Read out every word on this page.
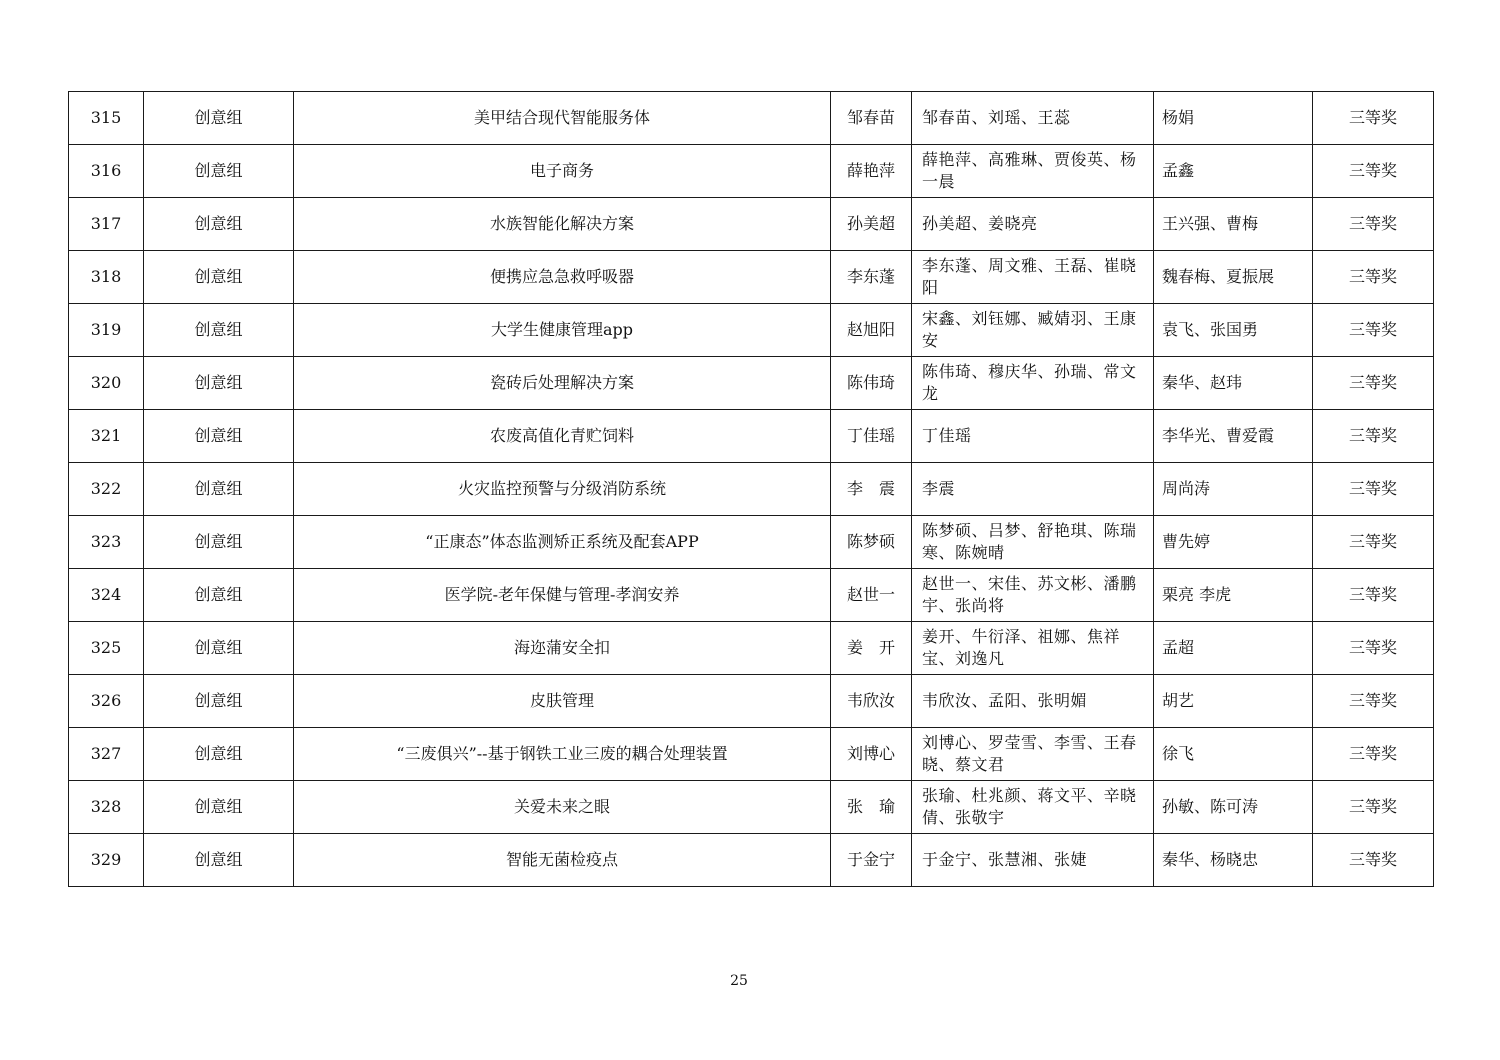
315	创意组	美甲结合现代智能服务体	邹春苗	邹春苗、刘瑶、王蕊	杨娟	三等奖
316	创意组	电子商务	薛艳萍	薛艳萍、高雅琳、贾俊英、杨一晨	孟鑫	三等奖
317	创意组	水族智能化解决方案	孙美超	孙美超、姜晓亮	王兴强、曹梅	三等奖
318	创意组	便携应急急救呼吸器	李东蓬	李东蓬、周文雅、王磊、崔晓阳	魏春梅、夏振展	三等奖
319	创意组	大学生健康管理app	赵旭阳	宋鑫、刘钰娜、臧婧羽、王康安	袁飞、张国勇	三等奖
320	创意组	瓷砖后处理解决方案	陈伟琦	陈伟琦、穆庆华、孙瑞、常文龙	秦华、赵玮	三等奖
321	创意组	农废高值化青贮饲料	丁佳瑶	丁佳瑶	李华光、曹爱霞	三等奖
322	创意组	火灾监控预警与分级消防系统	李　震	李震	周尚涛	三等奖
323	创意组	“正康态”体态监测矫正系统及配套APP	陈梦硕	陈梦硕、吕梦、舒艳琪、陈瑞寒、陈婉晴	曹先婷	三等奖
324	创意组	医学院-老年保健与管理-孝润安养	赵世一	赵世一、宋佳、苏文彬、潘鹏宇、张尚将	栗亮 李虎	三等奖
325	创意组	海迩蒲安全扣	姜　开	姜开、牛衍泽、祖娜、焦祥宝、刘逸凡	孟超	三等奖
326	创意组	皮肤管理	韦欣汝	韦欣汝、孟阳、张明媚	胡艺	三等奖
327	创意组	“三废俱兴”--基于钢铁工业三废的耦合处理装置	刘博心	刘博心、罗莹雪、李雪、王春晓、蔡文君	徐飞	三等奖
328	创意组	关爱未来之眼	张　瑜	张瑜、杜兆颜、蒋文平、辛晓倩、张敬宇	孙敏、陈可涛	三等奖
329	创意组	智能无菌检疫点	于金宁	于金宁、张慧湘、张婕	秦华、杨晓忠	三等奖
25
